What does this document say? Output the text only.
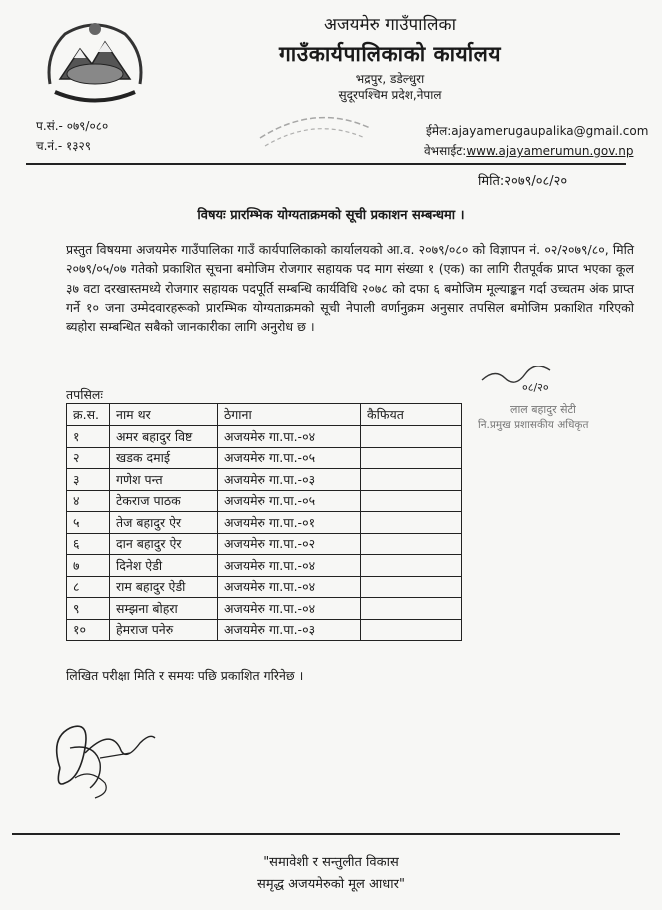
अजयमेरु गाउँपालिका
गाउँकार्यपालिकाको कार्यालय
भद्रपुर, डडेल्धुरा
सुदूरपश्चिम प्रदेश,नेपाल
प.सं.- ०७९/०८०
च.नं.- १३२९
ईमेल:ajayamerugaupalika@gmail.com
वेभसाईट:www.ajayamerumun.gov.np
मिति:२०७९/०८/२०
विषयः प्रारम्भिक योग्यताक्रमको सूची प्रकाशन सम्बन्धमा ।
प्रस्तुत विषयमा अजयमेरु गाउँपालिका गाउँ कार्यपालिकाको कार्यालयको आ.व. २०७९/०८० को विज्ञापन नं. ०२/२०७९/८०, मिति २०७९/०५/०७ गतेको प्रकाशित सूचना बमोजिम रोजगार सहायक पद माग संख्या १ (एक) का लागि रीतपूर्वक प्राप्त भएका कूल ३७ वटा दरखास्तमध्ये रोजगार सहायक पदपूर्ति सम्बन्धि कार्यविधि २०७८ को दफा ६ बमोजिम मूल्याङ्कन गर्दा उच्चतम अंक प्राप्त गर्ने १० जना उम्मेदवारहरूको प्रारम्भिक योग्यताक्रमको सूची नेपाली वर्णानुक्रम अनुसार तपसिल बमोजिम प्रकाशित गरिएको ब्यहोरा सम्बन्धित सबैको जानकारीका लागि अनुरोध छ ।
०८/२०
लाल बहादुर सेटी
नि.प्रमुख प्रशासकीय अधिकृत
तपसिलः
क्र.स.	नाम थर	ठेगाना	कैफियत
१	अमर बहादुर विष्ट	अजयमेरु गा.पा.-०४	
२	खडक दमाई	अजयमेरु गा.पा.-०५	
३	गणेश पन्त	अजयमेरु गा.पा.-०३	
४	टेकराज पाठक	अजयमेरु गा.पा.-०५	
५	तेज बहादुर ऐर	अजयमेरु गा.पा.-०१	
६	दान बहादुर ऐर	अजयमेरु गा.पा.-०२	
७	दिनेश ऐडी	अजयमेरु गा.पा.-०४	
८	राम बहादुर ऐडी	अजयमेरु गा.पा.-०४	
९	सम्झना बोहरा	अजयमेरु गा.पा.-०४	
१०	हेमराज पनेरु	अजयमेरु गा.पा.-०३	
लिखित परीक्षा मिति र समयः पछि प्रकाशित गरिनेछ ।
"समावेशी र सन्तुलीत विकास
समृद्ध अजयमेरुको मूल आधार"
